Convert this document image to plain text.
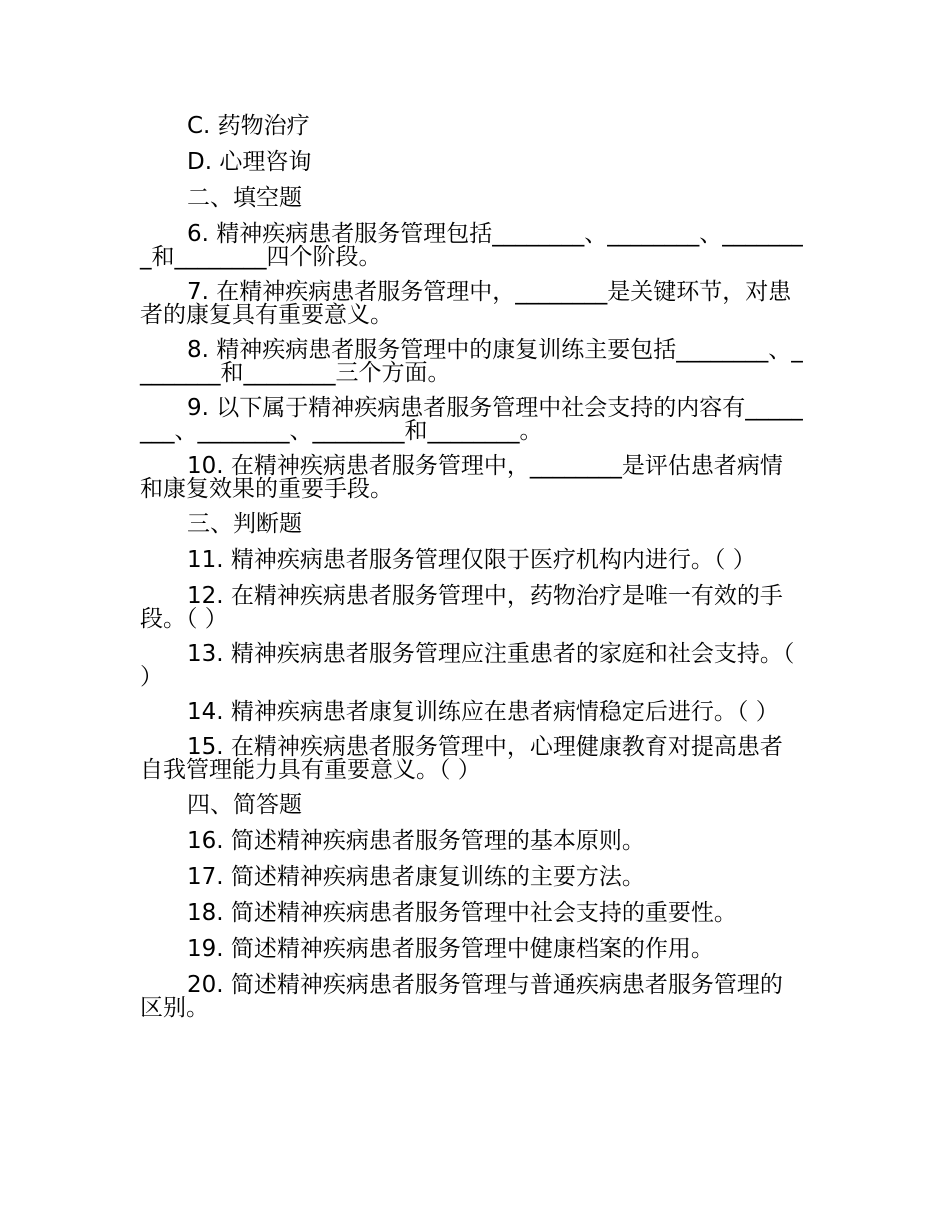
C. 药物治疗

D. 心理咨询

二、填空题

6. 精神疾病患者服务管理包括________、________、________和________四个阶段。

7. 在精神疾病患者服务管理中，________是关键环节，对患者的康复具有重要意义。

8. 精神疾病患者服务管理中的康复训练主要包括________、________和________三个方面。

9. 以下属于精神疾病患者服务管理中社会支持的内容有________、________、________和________。

10. 在精神疾病患者服务管理中，________是评估患者病情和康复效果的重要手段。

三、判断题

11. 精神疾病患者服务管理仅限于医疗机构内进行。（ ）

12. 在精神疾病患者服务管理中，药物治疗是唯一有效的手段。（ ）

13. 精神疾病患者服务管理应注重患者的家庭和社会支持。（ ）

14. 精神疾病患者康复训练应在患者病情稳定后进行。（ ）

15. 在精神疾病患者服务管理中，心理健康教育对提高患者自我管理能力具有重要意义。（ ）

四、简答题

16. 简述精神疾病患者服务管理的基本原则。

17. 简述精神疾病患者康复训练的主要方法。

18. 简述精神疾病患者服务管理中社会支持的重要性。

19. 简述精神疾病患者服务管理中健康档案的作用。

20. 简述精神疾病患者服务管理与普通疾病患者服务管理的区别。
